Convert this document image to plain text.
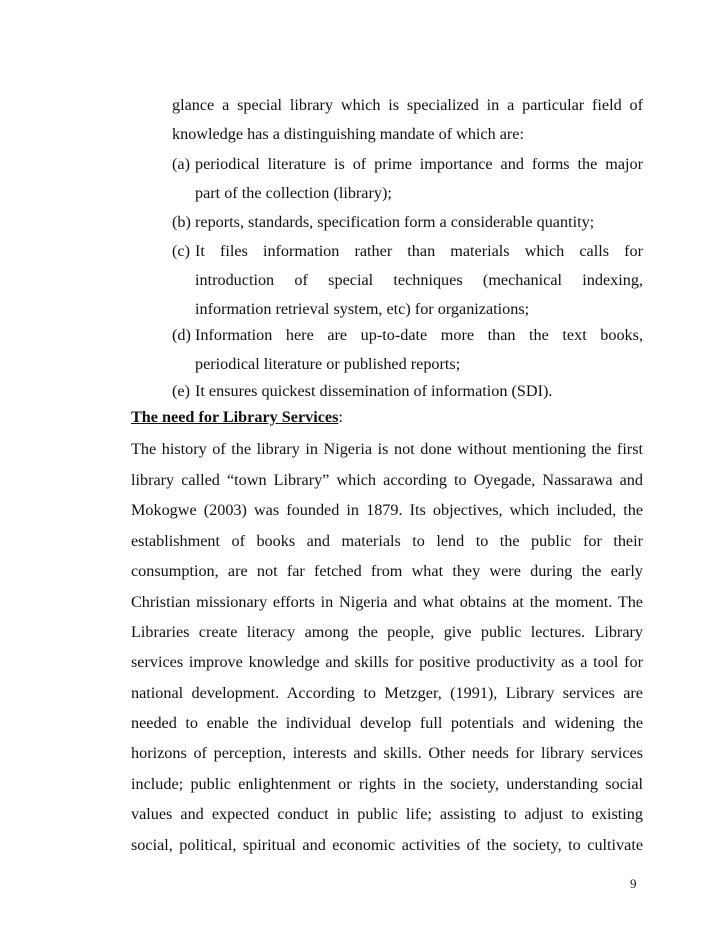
glance a special library which is specialized in a particular field of
knowledge has a distinguishing mandate of which are:
(a) periodical literature is of prime importance and forms the major
part of the collection (library);
(b) reports, standards, specification form a considerable quantity;
(c) It files information rather than materials which calls for
introduction of special techniques (mechanical indexing,
information retrieval system, etc) for organizations;
(d) Information here are up-to-date more than the text books,
periodical literature or published reports;
(e) It ensures quickest dissemination of information (SDI).
The need for Library Services:
The history of the library in Nigeria is not done without mentioning the first
library called “town Library” which according to Oyegade, Nassarawa and
Mokogwe (2003) was founded in 1879. Its objectives, which included, the
establishment of books and materials to lend to the public for their
consumption, are not far fetched from what they were during the early
Christian missionary efforts in Nigeria and what obtains at the moment. The
Libraries create literacy among the people, give public lectures. Library
services improve knowledge and skills for positive productivity as a tool for
national development. According to Metzger, (1991), Library services are
needed to enable the individual develop full potentials and widening the
horizons of perception, interests and skills. Other needs for library services
include; public enlightenment or rights in the society, understanding social
values and expected conduct in public life; assisting to adjust to existing
social, political, spiritual and economic activities of the society, to cultivate
9
